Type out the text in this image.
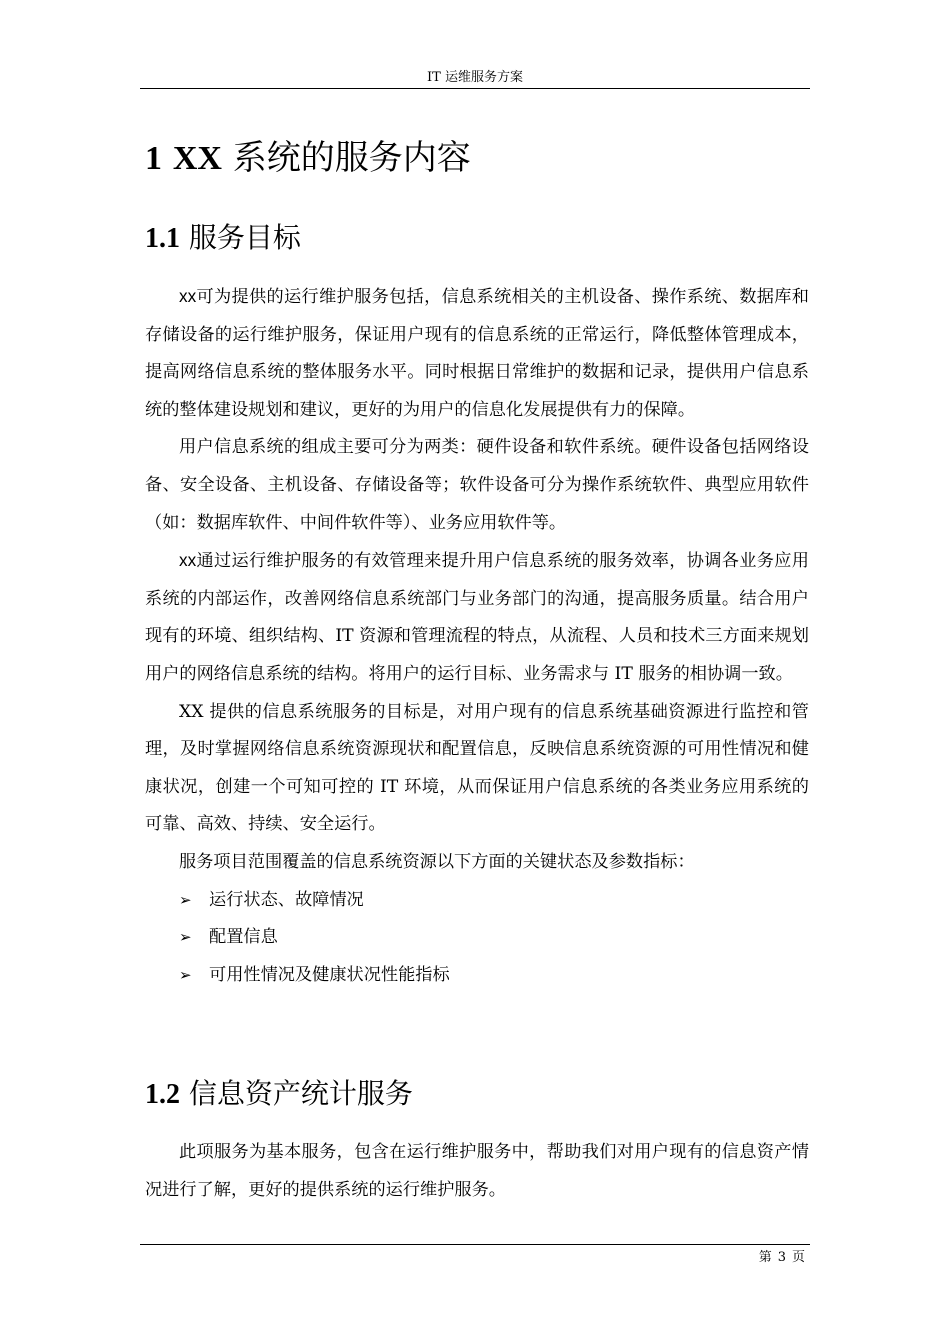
IT 运维服务方案
1 XX 系统的服务内容
1.1 服务目标

xx可为提供的运行维护服务包括，信息系统相关的主机设备、操作系统、数据库和存储设备的运行维护服务，保证用户现有的信息系统的正常运行，降低整体管理成本，提高网络信息系统的整体服务水平。同时根据日常维护的数据和记录，提供用户信息系统的整体建设规划和建议，更好的为用户的信息化发展提供有力的保障。

用户信息系统的组成主要可分为两类：硬件设备和软件系统。硬件设备包括网络设备、安全设备、主机设备、存储设备等；软件设备可分为操作系统软件、典型应用软件（如：数据库软件、中间件软件等）、业务应用软件等。

xx通过运行维护服务的有效管理来提升用户信息系统的服务效率，协调各业务应用系统的内部运作，改善网络信息系统部门与业务部门的沟通，提高服务质量。结合用户现有的环境、组织结构、IT 资源和管理流程的特点，从流程、人员和技术三方面来规划用户的网络信息系统的结构。将用户的运行目标、业务需求与 IT 服务的相协调一致。

XX 提供的信息系统服务的目标是，对用户现有的信息系统基础资源进行监控和管理，及时掌握网络信息系统资源现状和配置信息，反映信息系统资源的可用性情况和健康状况，创建一个可知可控的 IT 环境，从而保证用户信息系统的各类业务应用系统的可靠、高效、持续、安全运行。

服务项目范围覆盖的信息系统资源以下方面的关键状态及参数指标：

➢ 运行状态、故障情况
➢ 配置信息
➢ 可用性情况及健康状况性能指标
1.2 信息资产统计服务

此项服务为基本服务，包含在运行维护服务中，帮助我们对用户现有的信息资产情况进行了解，更好的提供系统的运行维护服务。

第 3 页
